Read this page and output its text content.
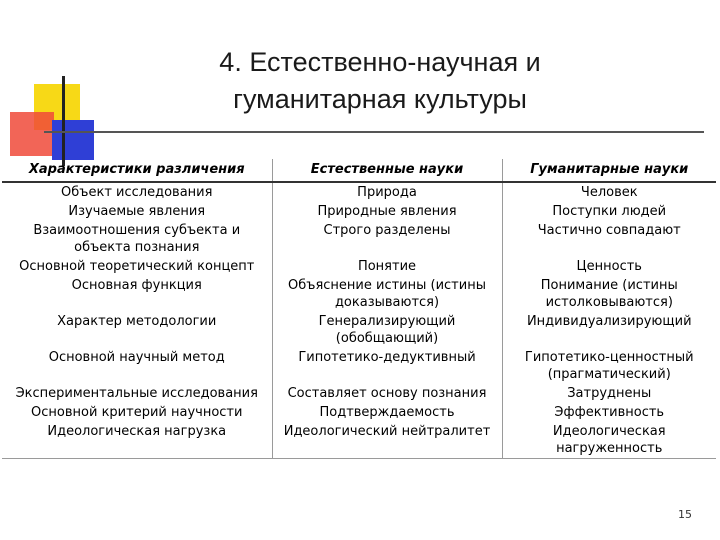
4. Естественно-научная и
гуманитарная культуры
Характеристики различения	Естественные науки	Гуманитарные науки
Объект исследования	Природа	Человек
Изучаемые явления	Природные явления	Поступки людей
Взаимоотношения субъекта и объекта познания	Строго разделены	Частично совпадают
Основной теоретический концепт	Понятие	Ценность
Основная функция	Объяснение истины (истины доказываются)	Понимание (истины истолковываются)
Характер методологии	Генерализирующий (обобщающий)	Индивидуализирующий
Основной научный метод	Гипотетико-дедуктивный	Гипотетико-ценностный (прагматический)
Экспериментальные исследования	Составляет основу познания	Затруднены
Основной критерий научности	Подтверждаемость	Эффективность
Идеологическая нагрузка	Идеологический нейтралитет	Идеологическая нагруженность
15
